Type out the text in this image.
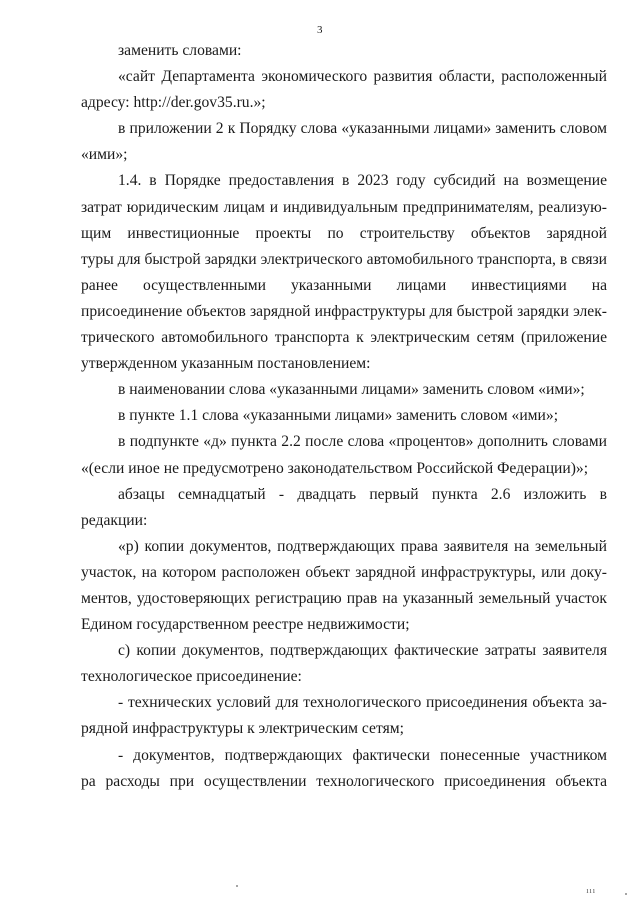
3
заменить словами:
«сайт Департамента экономического развития области, расположенный
адресу: http://der.gov35.ru.»;
в приложении 2 к Порядку слова «указанными лицами» заменить словом
«ими»;
1.4. в Порядке предоставления в 2023 году субсидий на возмещение
затрат юридическим лицам и индивидуальным предпринимателям, реализую-
щим инвестиционные проекты по строительству объектов зарядной
туры для быстрой зарядки электрического автомобильного транспорта, в связи
ранее осуществленными указанными лицами инвестициями на
присоединение объектов зарядной инфраструктуры для быстрой зарядки элек-
трического автомобильного транспорта к электрическим сетям (приложение
утвержденном указанным постановлением:
в наименовании слова «указанными лицами» заменить словом «ими»;
в пункте 1.1 слова «указанными лицами» заменить словом «ими»;
в подпункте «д» пункта 2.2 после слова «процентов» дополнить словами
«(если иное не предусмотрено законодательством Российской Федерации)»;
абзацы семнадцатый - двадцать первый пункта 2.6 изложить в
редакции:
«р) копии документов, подтверждающих права заявителя на земельный
участок, на котором расположен объект зарядной инфраструктуры, или доку-
ментов, удостоверяющих регистрацию прав на указанный земельный участок
Едином государственном реестре недвижимости;
с) копии документов, подтверждающих фактические затраты заявителя
технологическое присоединение:
- технических условий для технологического присоединения объекта за-
рядной инфраструктуры к электрическим сетям;
- документов, подтверждающих фактически понесенные участником
ра расходы при осуществлении технологического присоединения объекта
ııı
